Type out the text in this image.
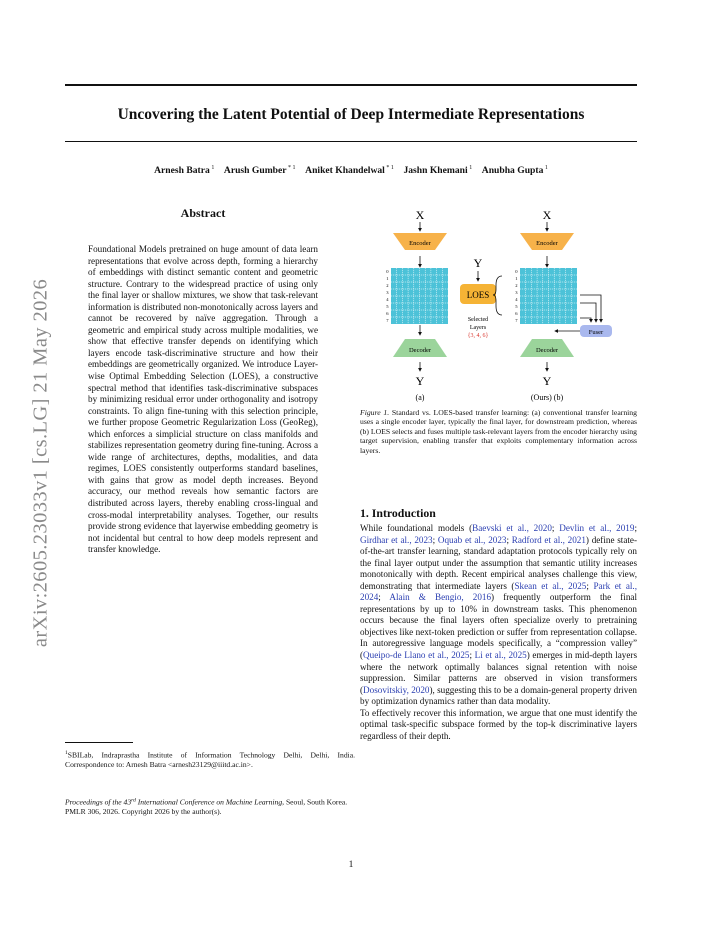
Uncovering the Latent Potential of Deep Intermediate Representations
Arnesh Batra $^1$  Arush Gumber $^{* 1}$  Aniket Khandelwal $^{* 1}$  Jashn Khemani $^1$  Anubha Gupta $^1$
arXiv:2605.23033v1 [cs.LG] 21 May 2026
Abstract
Foundational Models pretrained on huge amount of data learn representations that evolve across depth, forming a hierarchy of embeddings with distinct semantic content and geometric structure. Contrary to the widespread practice of using only the final layer or shallow mixtures, we show that task-relevant information is distributed non-monotonically across layers and cannot be recovered by naïve aggregation. Through a geometric and empirical study across multiple modalities, we show that effective transfer depends on identifying which layers encode task-discriminative structure and how their embeddings are geometrically organized. We introduce Layer-wise Optimal Embedding Selection (LOES), a constructive spectral method that identifies task-discriminative subspaces by minimizing residual error under orthogonality and isotropy constraints. To align fine-tuning with this selection principle, we further propose Geometric Regularization Loss (GeoReg), which enforces a simplicial structure on class manifolds and stabilizes representation geometry during fine-tuning. Across a wide range of architectures, depths, modalities, and data regimes, LOES consistently outperforms standard baselines, with gains that grow as model depth increases. Beyond accuracy, our method reveals how semantic factors are distributed across layers, thereby enabling cross-lingual and cross-modal interpretability analyses. Together, our results provide strong evidence that layerwise embedding geometry is not incidental but central to how deep models represent and transfer knowledge.
$^1$SBILab, Indraprastha Institute of Information Technology Delhi, Delhi, India. Correspondence to: Arnesh Batra <arnesh23129@iiitd.ac.in>.
Proceedings of the 43rd International Conference on Machine Learning, Seoul, South Korea. PMLR 306, 2026. Copyright 2026 by the author(s).
X
Encoder
0
1
2
3
4
5
6
7
Decoder
Y
(a)
Y
LOES
Selected
Layers
{3, 4, 6}
X
Encoder
0
1
2
3
4
5
6
7
Fuser
Decoder
Y
(Ours) (b)
Figure 1. Standard vs. LOES-based transfer learning: (a) conventional transfer learning uses a single encoder layer, typically the final layer, for downstream prediction, whereas (b) LOES selects and fuses multiple task-relevant layers from the encoder hierarchy using target supervision, enabling transfer that exploits complementary information across layers.
1. Introduction

While foundational models (Baevski et al., 2020; Devlin et al., 2019; Girdhar et al., 2023; Oquab et al., 2023; Radford et al., 2021) define state-of-the-art transfer learning, standard adaptation protocols typically rely on the final layer output under the assumption that semantic utility increases monotonically with depth. Recent empirical analyses challenge this view, demonstrating that intermediate layers (Skean et al., 2025; Park et al., 2024; Alain & Bengio, 2016) frequently outperform the final representations by up to 10% in downstream tasks. This phenomenon occurs because the final layers often specialize overly to pretraining objectives like next-token prediction or suffer from representation collapse. In autoregressive language models specifically, a “compression valley” (Queipo-de Llano et al., 2025; Li et al., 2025) emerges in mid-depth layers where the network optimally balances signal retention with noise suppression. Similar patterns are observed in vision transformers (Dosovitskiy, 2020), suggesting this to be a domain-general property driven by optimization dynamics rather than data modality.

To effectively recover this information, we argue that one must identify the optimal task-specific subspace formed by the top-k discriminative layers regardless of their depth.

1
